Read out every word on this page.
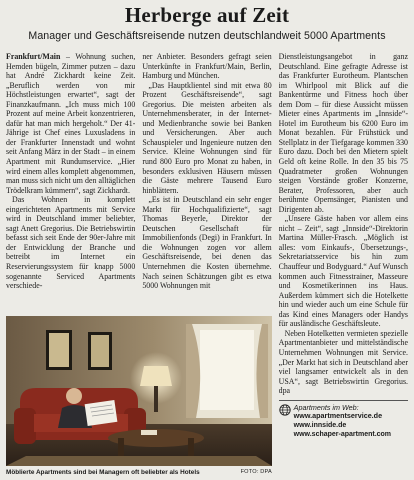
Herberge auf Zeit
Manager und Geschäftsreisende nutzen deutschlandweit 5000 Apartments

Frankfurt/Main – Wohnung suchen, Hemden bügeln, Zimmer putzen – dazu hat André Zickhardt keine Zeit. „Beruflich werden von mir Höchstleistungen erwartet“, sagt der Finanzkaufmann. „Ich muss mich 100 Prozent auf meine Arbeit konzentrieren, dafür hat man mich hergeholt.“ Der 41-Jährige ist Chef eines Luxusladens in der Frankfurter Innenstadt und wohnt seit Anfang März in der Stadt – in einem Apartment mit Rundumservice. „Hier wird einem alles komplett abgenommen, man muss sich nicht um den alltäglichen Trödelkram kümmern“, sagt Zickhardt.

Das Wohnen in komplett eingerichteten Apartments mit Service wird in Deutschland immer beliebter, sagt Anett Gregorius. Die Betriebswirtin befasst sich seit Ende der 90er-Jahre mit der Entwicklung der Branche und betreibt im Internet ein Reservierungssystem für knapp 5000 sogenannte Serviced Apartments verschiede-

ner Anbieter. Besonders gefragt seien Unterkünfte in Frankfurt/Main, Berlin, Hamburg und München.

„Das Hauptklientel sind mit etwa 80 Prozent Geschäftsreisende“, sagt Gregorius. Die meisten arbeiten als Unternehmensberater, in der Internet- und Medienbranche sowie bei Banken und Versicherungen. Aber auch Schauspieler und Ingenieure nutzen den Service. Kleine Wohnungen sind für rund 800 Euro pro Monat zu haben, in besonders exklusiven Häusern müssen die Gäste mehrere Tausend Euro hinblättern.

„Es ist in Deutschland ein sehr enger Markt für Hochqualifizierte“, sagt Thomas Beyerle, Direktor der Deutschen Gesellschaft für Immobilienfonds (Degi) in Frankfurt. In die Wohnungen zogen vor allem Geschäftsreisende, bei denen das Unternehmen die Kosten übernehme. Nach seinen Schätzungen gibt es etwa 5000 Wohnungen mit

Dienstleistungsangebot in ganz Deutschland. Eine gefragte Adresse ist das Frankfurter Eurotheum. Plantschen im Whirlpool mit Blick auf die Bankentürme und Fitness hoch über dem Dom – für diese Aussicht müssen Mieter eines Apartments im „Innside“-Hotel im Eurotheum bis 6200 Euro im Monat bezahlen. Für Frühstück und Stellplatz in der Tiefgarage kommen 330 Euro dazu. Doch bei den Mietern spielt Geld oft keine Rolle. In den 35 bis 75 Quadratmeter großen Wohnungen steigen Vorstände großer Konzerne, Berater, Professoren, aber auch berühmte Opernsänger, Pianisten und Dirigenten ab.

„Unsere Gäste haben vor allem eins nicht – Zeit“, sagt „Innside“-Direktorin Martina Müller-Frasch. „Möglich ist alles: vom Einkaufs-, Übersetzungs-, Sekretariatsservice bis hin zum Chauffeur und Bodyguard.“ Auf Wunsch kommen auch Fitnesstrainer, Masseure und Kosmetikerinnen ins Haus. Außerdem kümmert sich die Hotelkette hin und wieder auch um eine Schule für das Kind eines Managers oder Handys für ausländische Geschäftsleute.

Neben Hotelketten vermieten spezielle Apartmentanbieter und mittelständische Unternehmen Wohnungen mit Service. „Der Markt hat sich in Deutschland aber viel langsamer entwickelt als in den USA“, sagt Betriebswirtin Gregorius. dpa

Apartments im Web:
www.apartmentservice.de
www.innside.de
www.schaper-apartment.com
Möblierte Apartments sind bei Managern oft beliebter als Hotels	FOTO: DPA
